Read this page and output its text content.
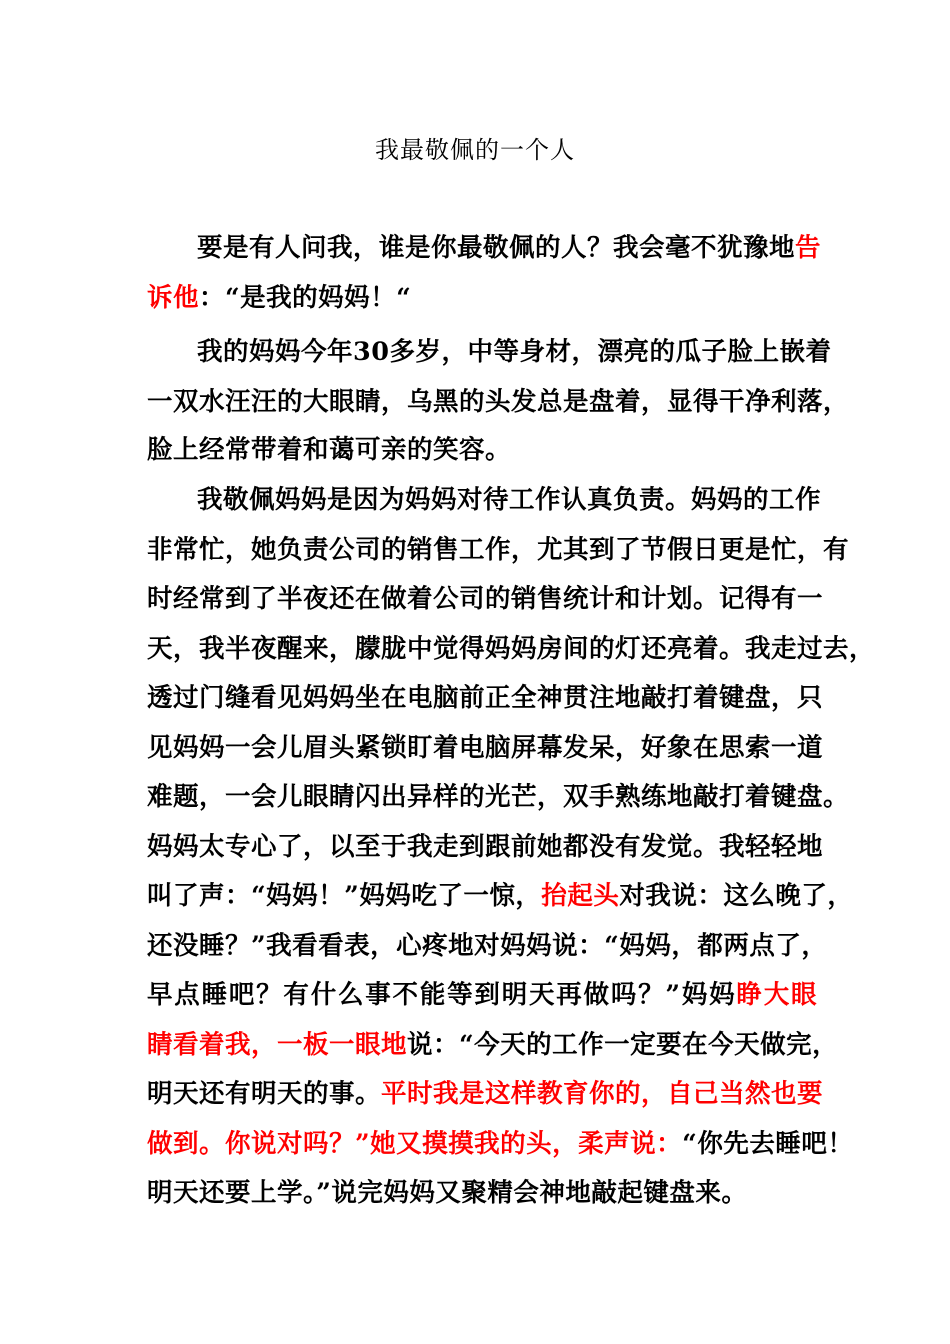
我最敬佩的一个人
要是有人问我，谁是你最敬佩的人？我会毫不犹豫地告
诉他：“是我的妈妈！“
我的妈妈今年30多岁，中等身材，漂亮的瓜子脸上嵌着
一双水汪汪的大眼睛，乌黑的头发总是盘着，显得干净利落，
脸上经常带着和蔼可亲的笑容。
我敬佩妈妈是因为妈妈对待工作认真负责。妈妈的工作
非常忙，她负责公司的销售工作，尤其到了节假日更是忙，有
时经常到了半夜还在做着公司的销售统计和计划。记得有一
天，我半夜醒来，朦胧中觉得妈妈房间的灯还亮着。我走过去，
透过门缝看见妈妈坐在电脑前正全神贯注地敲打着键盘，只
见妈妈一会儿眉头紧锁盯着电脑屏幕发呆，好象在思索一道
难题，一会儿眼睛闪出异样的光芒，双手熟练地敲打着键盘。
妈妈太专心了，以至于我走到跟前她都没有发觉。我轻轻地
叫了声：“妈妈！”妈妈吃了一惊，抬起头对我说：这么晚了，
还没睡？”我看看表，心疼地对妈妈说：“妈妈，都两点了，
早点睡吧？有什么事不能等到明天再做吗？”妈妈睁大眼
睛看着我，一板一眼地说：“今天的工作一定要在今天做完，
明天还有明天的事。平时我是这样教育你的，自己当然也要
做到。你说对吗？”她又摸摸我的头，柔声说：“你先去睡吧！
明天还要上学。”说完妈妈又聚精会神地敲起键盘来。
